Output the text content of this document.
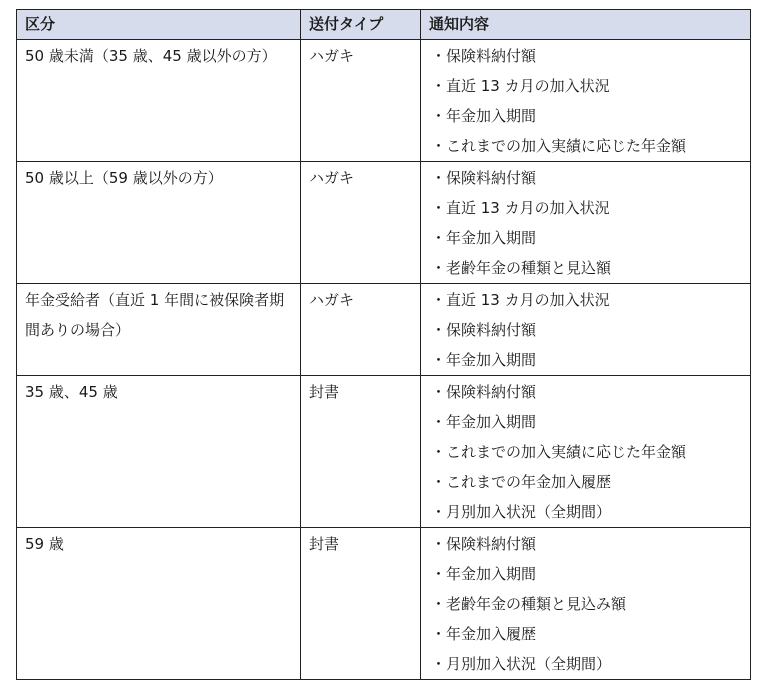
区分	送付タイプ	通知内容
50 歳未満（35 歳、45 歳以外の方）	ハガキ	・保険料納付額
・直近 13 カ月の加入状況
・年金加入期間
・これまでの加入実績に応じた年金額

50 歳以上（59 歳以外の方）	ハガキ	・保険料納付額
・直近 13 カ月の加入状況
・年金加入期間
・老齢年金の種類と見込額

年金受給者（直近 1 年間に被保険者期間ありの場合）	ハガキ	・直近 13 カ月の加入状況
・保険料納付額
・年金加入期間

35 歳、45 歳	封書	・保険料納付額
・年金加入期間
・これまでの加入実績に応じた年金額
・これまでの年金加入履歴
・月別加入状況（全期間）

59 歳	封書	・保険料納付額
・年金加入期間
・老齢年金の種類と見込み額
・年金加入履歴
・月別加入状況（全期間）
